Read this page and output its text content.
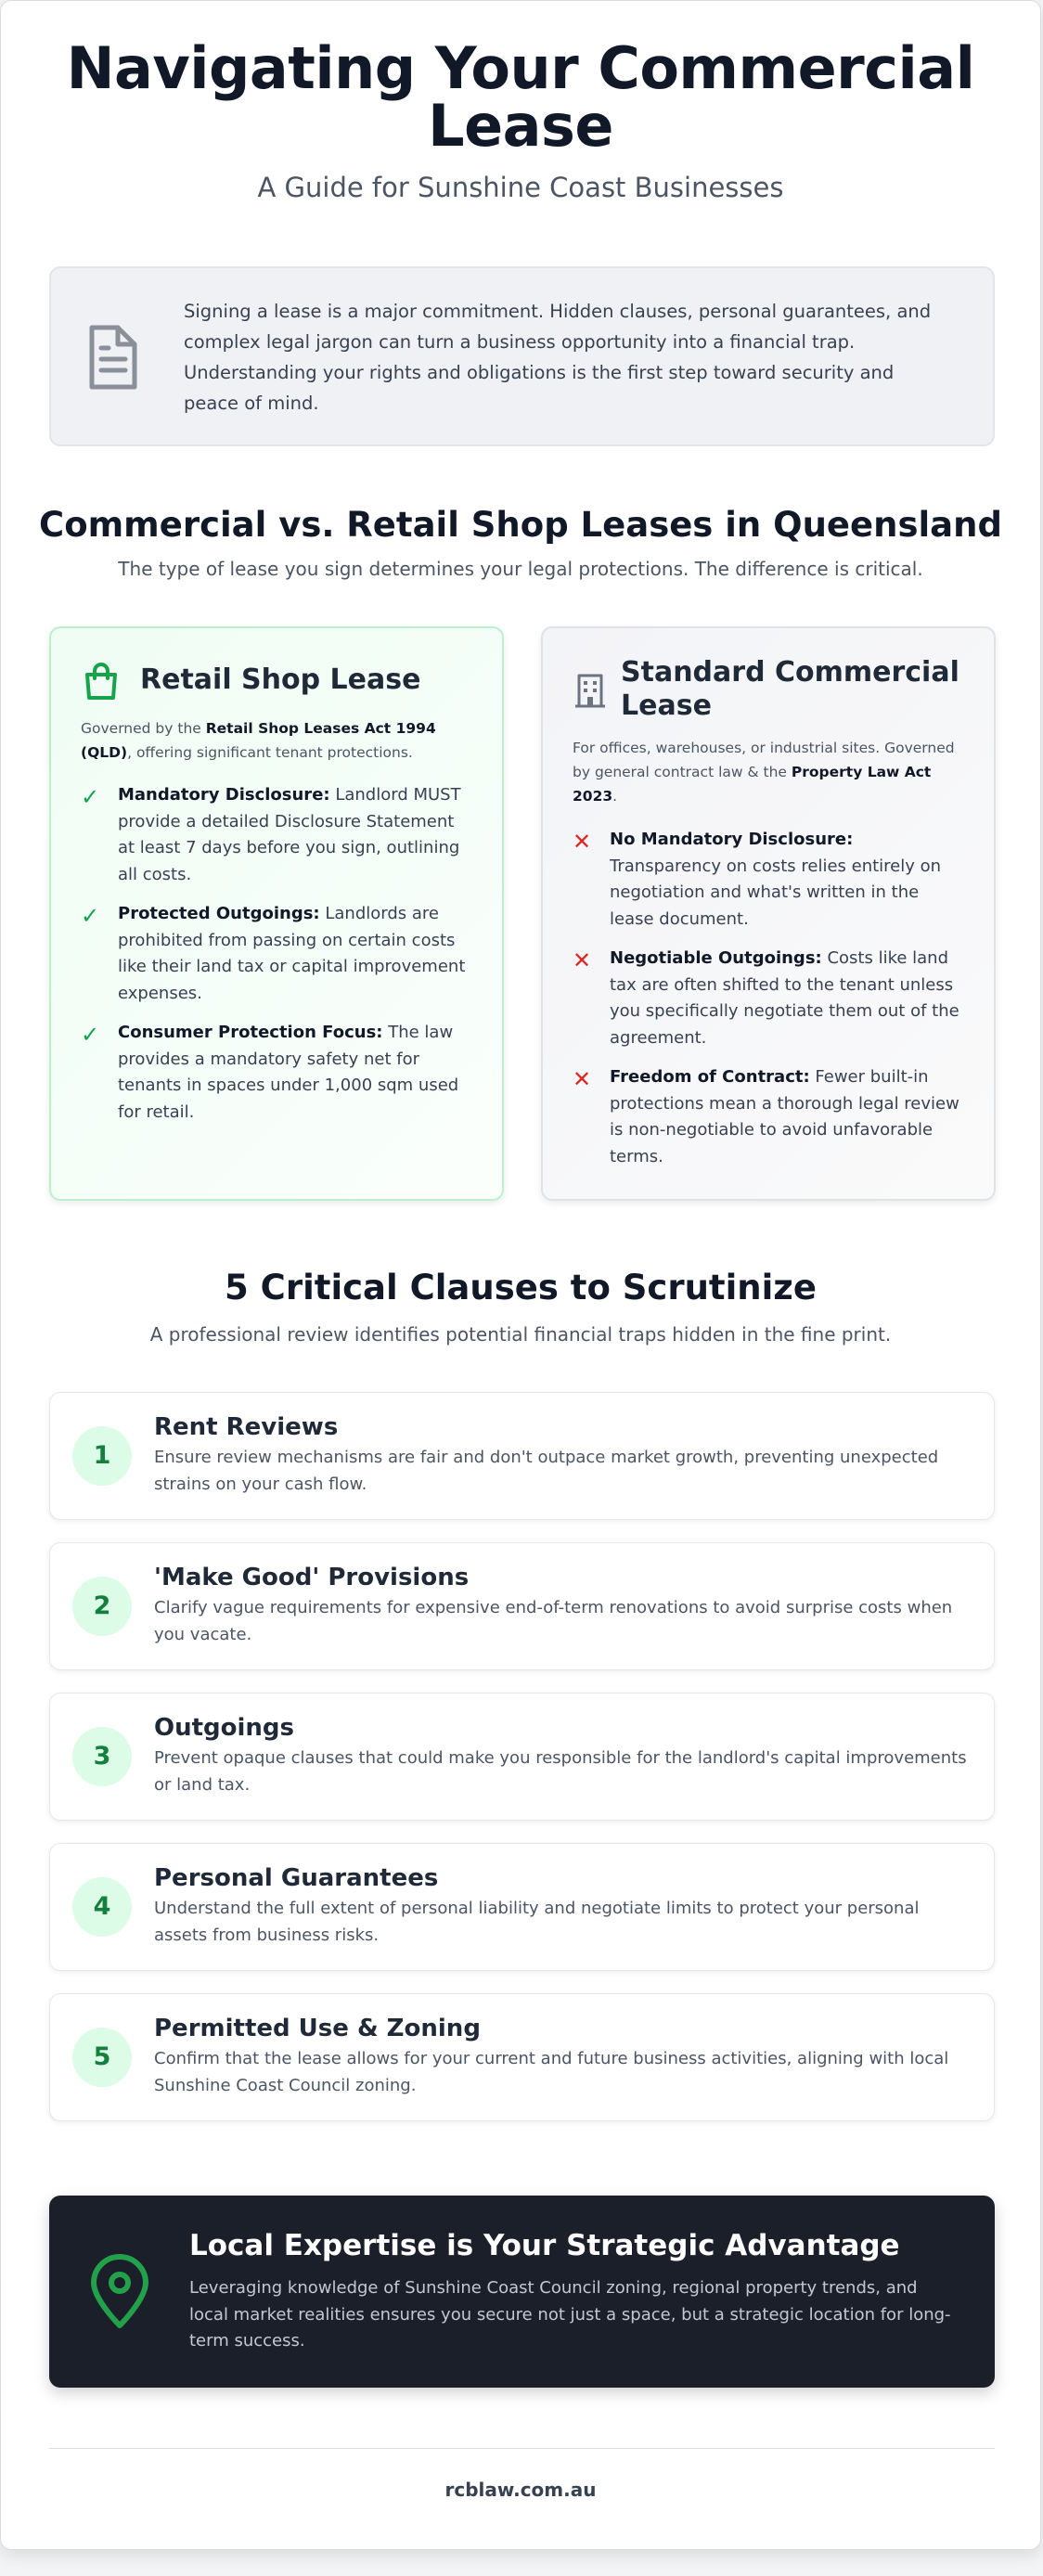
Navigating Your Commercial Lease
A Guide for Sunshine Coast Businesses
Signing a lease is a major commitment. Hidden clauses, personal guarantees, and complex legal jargon can turn a business opportunity into a financial trap. Understanding your rights and obligations is the first step toward security and peace of mind.
Commercial vs. Retail Shop Leases in Queensland
The type of lease you sign determines your legal protections. The difference is critical.
Retail Shop Lease
Governed by the Retail Shop Leases Act 1994 (QLD), offering significant tenant protections.
✓ Mandatory Disclosure: Landlord MUST provide a detailed Disclosure Statement at least 7 days before you sign, outlining all costs.
✓ Protected Outgoings: Landlords are prohibited from passing on certain costs like their land tax or capital improvement expenses.
✓ Consumer Protection Focus: The law provides a mandatory safety net for tenants in spaces under 1,000 sqm used for retail.
Standard Commercial Lease
For offices, warehouses, or industrial sites. Governed by general contract law & the Property Law Act 2023.
✕ No Mandatory Disclosure: Transparency on costs relies entirely on negotiation and what's written in the lease document.
✕ Negotiable Outgoings: Costs like land tax are often shifted to the tenant unless you specifically negotiate them out of the agreement.
✕ Freedom of Contract: Fewer built-in protections mean a thorough legal review is non-negotiable to avoid unfavorable terms.
5 Critical Clauses to Scrutinize
A professional review identifies potential financial traps hidden in the fine print.
1
Rent Reviews
Ensure review mechanisms are fair and don't outpace market growth, preventing unexpected strains on your cash flow.
2
'Make Good' Provisions
Clarify vague requirements for expensive end-of-term renovations to avoid surprise costs when you vacate.
3
Outgoings
Prevent opaque clauses that could make you responsible for the landlord's capital improvements or land tax.
4
Personal Guarantees
Understand the full extent of personal liability and negotiate limits to protect your personal assets from business risks.
5
Permitted Use & Zoning
Confirm that the lease allows for your current and future business activities, aligning with local Sunshine Coast Council zoning.
Local Expertise is Your Strategic Advantage
Leveraging knowledge of Sunshine Coast Council zoning, regional property trends, and local market realities ensures you secure not just a space, but a strategic location for long-term success.
rcblaw.com.au
